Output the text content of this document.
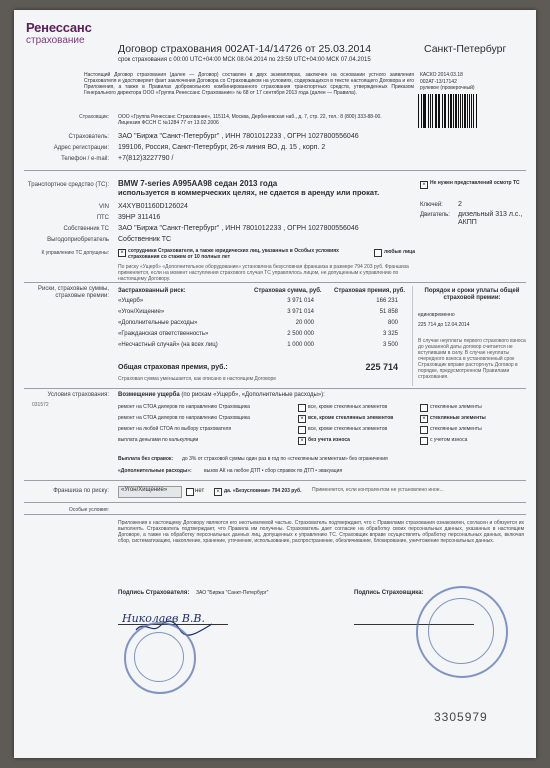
Ренессанс
страхование
Договор страхования 002АТ-14/14726 от 25.03.2014
срок страхования с 00:00 UTC+04:00 МСК 08.04.2014 по 23:59 UTC+04:00 МСК 07.04.2015
Санкт-Петербург
КАСКО 2014.03.18
002АТ-13/17142
рулевое (проверочный)
Настоящий Договор страхования (далее — Договор) составлен в двух экземплярах, заключен на основании устного заявления Страхователя и удостоверяет факт заключения Договора со Страховщиком на условиях, содержащихся в тексте настоящего Договора и его Приложения, а также в Правилах добровольного комбинированного страхования транспортных средств, утвержденных Приказом Генерального директора ООО «Группа Ренессанс Страхование» № 68 от 17 сентября 2013 года (далее — Правила).
Страховщик: ООО «Группа Ренессанс Страхование», 115114, Москва, Дербеневская наб., д. 7, стр. 22, тел.: 8 (800) 333-88-00. Лицензия ФССН С №1284 77 от 13.02.2006
Страхователь: ЗАО "Биржа "Санкт-Петербург" , ИНН 7801012233 , ОГРН 1027800556046
Адрес регистрации: 199106, Россия, Санкт-Петербург, 26-я линия ВО, д. 15 , корп. 2
Телефон / e-mail: +7(812)3227790 /
Транспортное средство (ТС): BMW 7-series A995AA98 седан 2013 года
используется в коммерческих целях, не сдается в аренду или прокат.
VIN X4XYB01160D126024
ПТС 39НР 311416
Собственник ТС ЗАО "Биржа "Санкт-Петербург" , ИНН 7801012233 , ОГРН 1027800556046
Выгодоприобретатель Собственник ТС
К управлению ТС допущены:	× сотрудники Страхователя, а также юридических лиц, указанных в Особых условиях страхования со стажем от 10 полных лет
любые лица
По риску «Ущерб» «Дополнительное оборудование» установлена безусловная франшиза в размере 794 203 руб. Франшиза применяется, если на момент наступления страхового случая ТС управлялось лицом, не допущенным к управлению по настоящему Договору.
× Не нужен представлений осмотр ТС
Ключей: 2
Двигатель: дизельный 313 л.с., АКПП
Риски, страховые суммы, страховые премии:
Застрахованный риск:	Страховая сумма, руб. Страховая премия, руб.
«Ущерб»	3 971 014	166 231
«Угон/Хищение»	3 971 014	51 858
«Дополнительные расходы»	20 000	800
«Гражданская ответственность»	2 500 000	3 325
«Несчастный случай» (на всех лиц)	1 000 000	3 500
Общая страховая премия, руб.:	225 714
Страховая сумма уменьшается, как описано в настоящем Договоре
Порядок и сроки уплаты общей страховой премии:
единовременно
225 714 до 12.04.2014
В случае неуплаты первого страхового взноса до указанной даты договор считается не вступившим в силу. В случае неуплаты очередного взноса в установленный срок Страховщик вправе расторгнуть Договор в порядке, предусмотренном Правилами страхования.
Условия страхования:
031572
Возмещение ущерба (по рискам «Ущерб», «Дополнительные расходы»):
ремонт на СТОА дилеров по направлению Страховщика	все, кроме стеклянных элементов	стеклянные элементы
ремонт на СТОА дилеров по направлению Страховщика	× все, кроме стеклянных элементов	× стеклянные элементы
ремонт на любой СТОА по выбору страхователя	все, кроме стеклянных элементов	стеклянные элементы
выплата деньгами по калькуляции	× без учета износа	с учетом износа
Выплата без справок: до 3% от страховой суммы один раз в год по «стеклянным элементам» без ограничения
«Дополнительные расходы»: вызов АК на любое ДТП • сбор справок по ДТП • эвакуация
Франшиза по риску:	«Угон/Хищение»	нет	× да. «Безусловная» 794 203 руб. Применяется, если контрагентом не установлено иное...
Особые условия:
Приложения к настоящему Договору являются его неотъемлемой частью. Страхователь подтверждает, что с Правилами страхования ознакомлен, согласен и обязуется их выполнять. Страхователь подтверждает, что Правила им получены. Страхователь дает согласие на обработку своих персональных данных, указанных в настоящем Договоре, а также на обработку персональных данных лиц, допущенных к управлению ТС. Страховщик вправе осуществлять обработку персональных данных, включая сбор, систематизацию, накопление, хранение, уточнение, использование, распространение, обезличивание, блокирование, уничтожение персональных данных.
Подпись Страхователя: ЗАО "Биржа "Санкт-Петербург"	Подпись Страховщика:
Николаев В.В.
3305979
